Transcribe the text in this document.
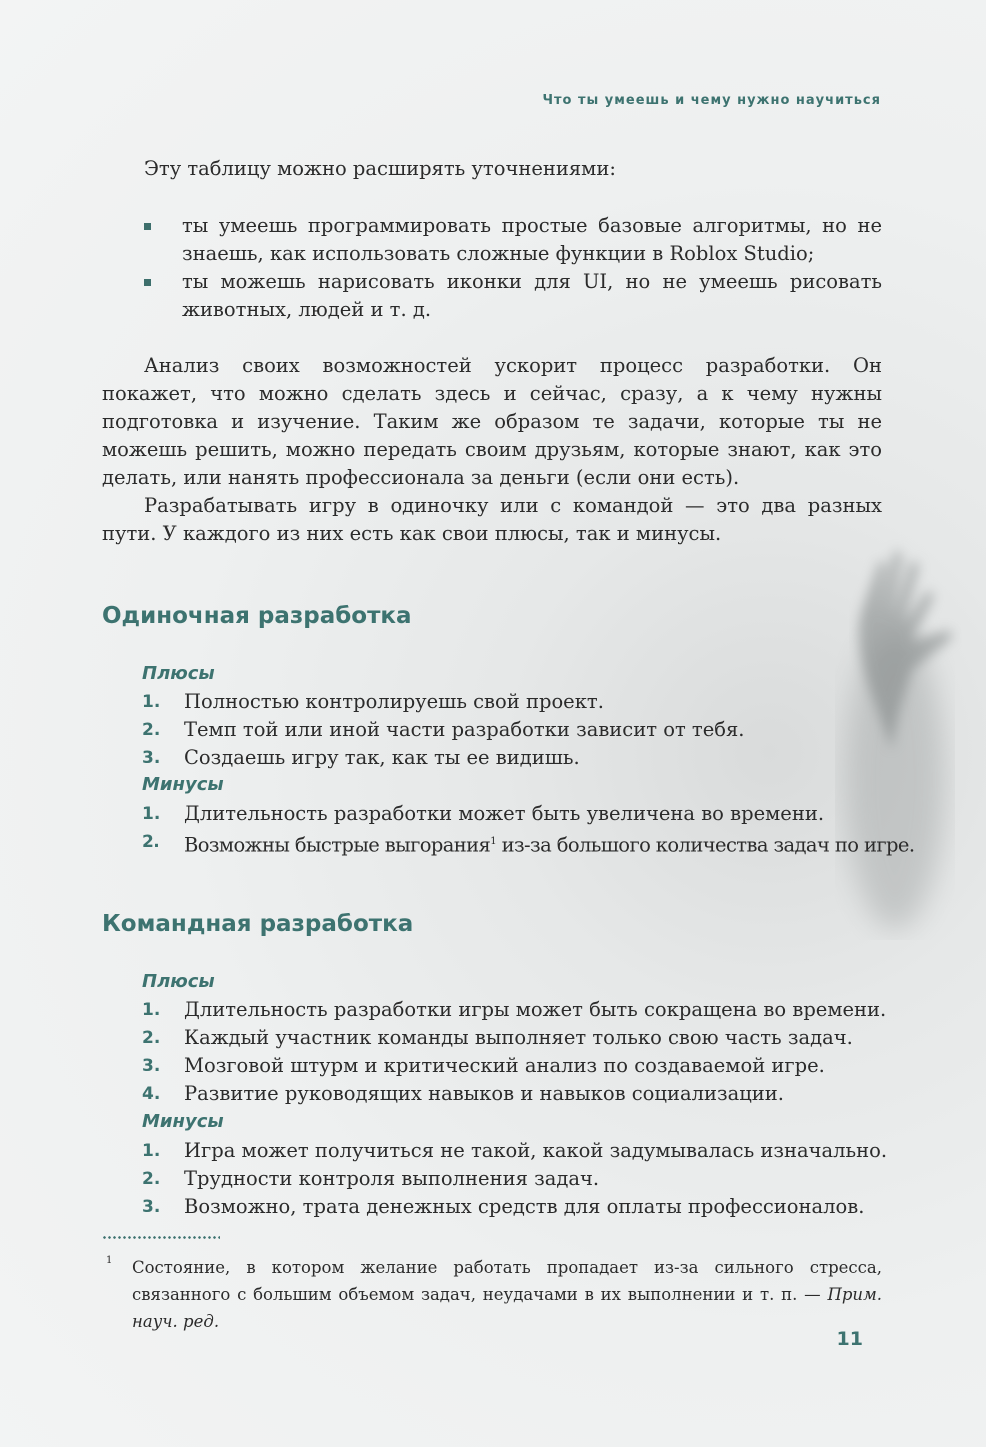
Что ты умеешь и чему нужно научиться

Эту таблицу можно расширять уточнениями:

ты умеешь программировать простые базовые алгоритмы, но не знаешь, как использовать сложные функции в Roblox Studio;
ты можешь нарисовать иконки для UI, но не умеешь рисовать животных, людей и т. д.

Анализ своих возможностей ускорит процесс разработки. Он покажет, что можно сделать здесь и сейчас, сразу, а к чему нужны подготовка и изучение. Таким же образом те задачи, которые ты не можешь решить, можно передать своим друзьям, которые знают, как это делать, или нанять профессионала за деньги (если они есть).

Разрабатывать игру в одиночку или с командой — это два разных пути. У каждого из них есть как свои плюсы, так и минусы.

Одиночная разработка
Плюсы
1. Полностью контролируешь свой проект.
2. Темп той или иной части разработки зависит от тебя.
3. Создаешь игру так, как ты ее видишь.
Минусы
1. Длительность разработки может быть увеличена во времени.
2. Возможны быстрые выгорания$^1$ из-за большого количества задач по игре.
Командная разработка
Плюсы
1. Длительность разработки игры может быть сокращена во времени.
2. Каждый участник команды выполняет только свою часть задач.
3. Мозговой штурм и критический анализ по создаваемой игре.
4. Развитие руководящих навыков и навыков социализации.
Минусы
1. Игра может получиться не такой, какой задумывалась изначально.
2. Трудности контроля выполнения задач.
3. Возможно, трата денежных средств для оплаты профессионалов.
1 Состояние, в котором желание работать пропадает из-за сильного стресса, связанного с большим объемом задач, неудачами в их выполнении и т. п. — Прим. науч. ред.
11
